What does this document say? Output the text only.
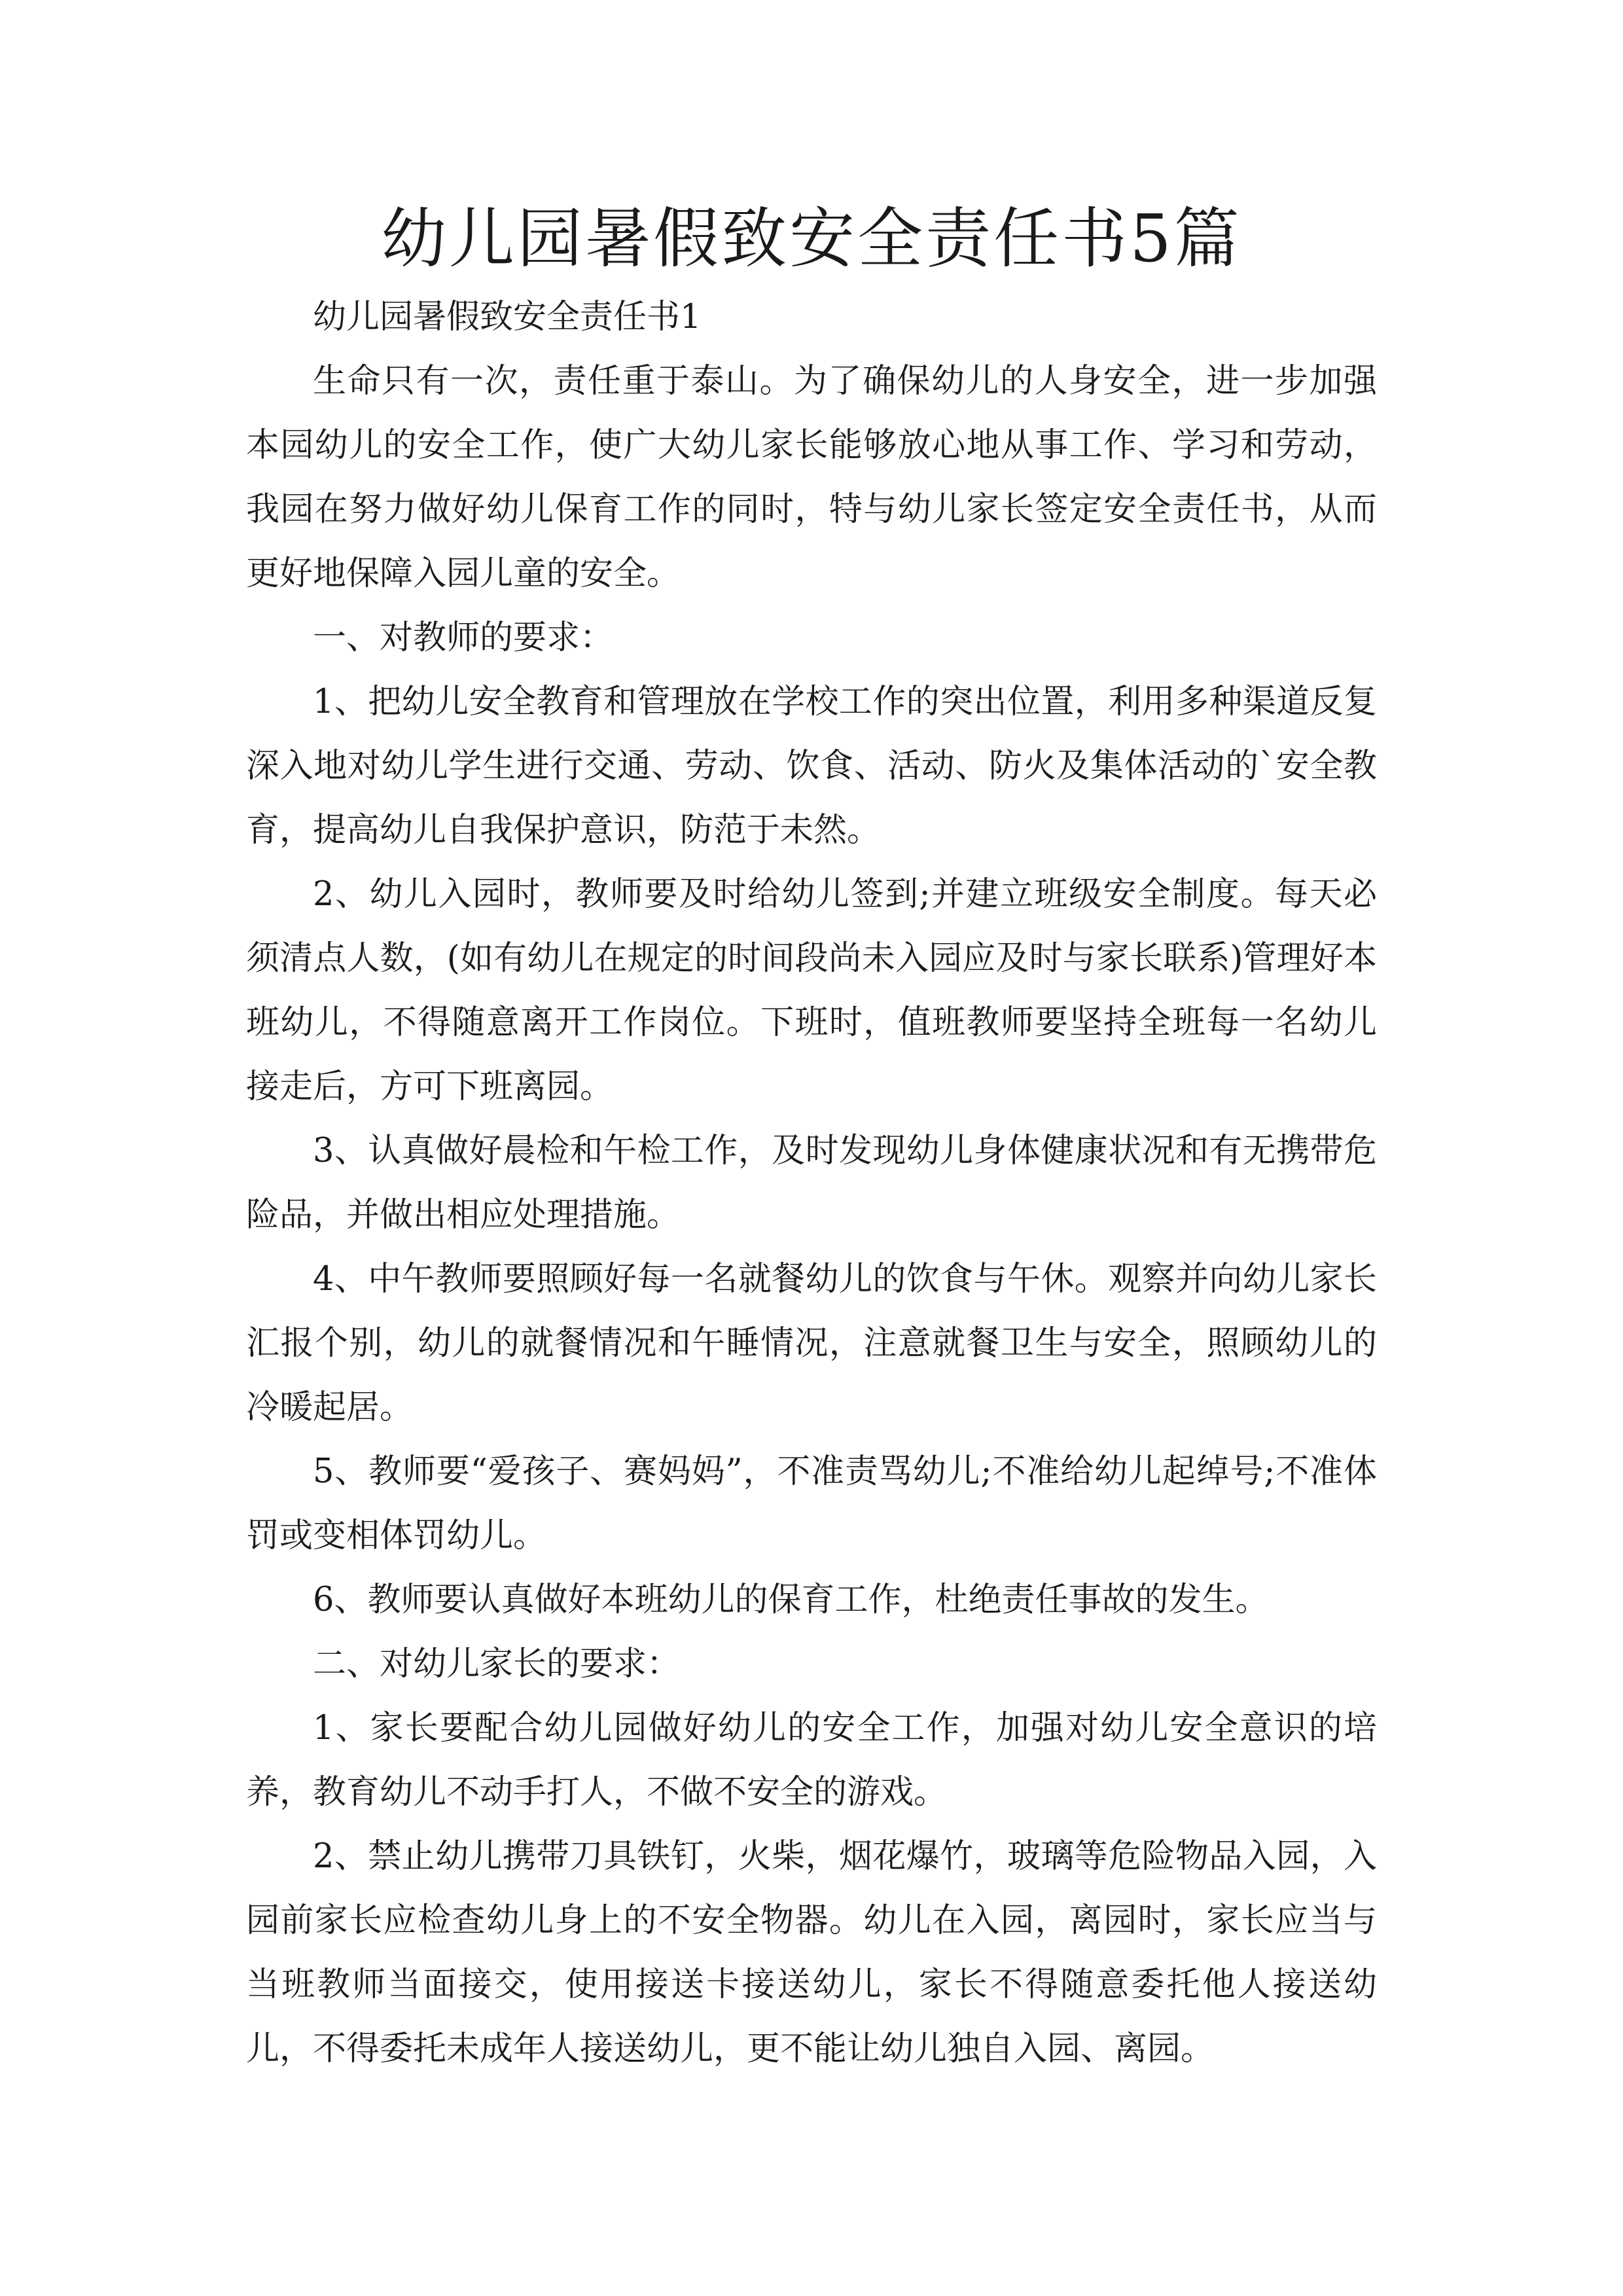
幼儿园暑假致安全责任书5篇

幼儿园暑假致安全责任书1

生命只有一次，责任重于泰山。为了确保幼儿的人身安全，进一步加强本园幼儿的安全工作，使广大幼儿家长能够放心地从事工作、学习和劳动，我园在努力做好幼儿保育工作的同时，特与幼儿家长签定安全责任书，从而更好地保障入园儿童的安全。

一、对教师的要求：

1、把幼儿安全教育和管理放在学校工作的突出位置，利用多种渠道反复深入地对幼儿学生进行交通、劳动、饮食、活动、防火及集体活动的`安全教育，提高幼儿自我保护意识，防范于未然。

2、幼儿入园时，教师要及时给幼儿签到;并建立班级安全制度。每天必须清点人数，(如有幼儿在规定的时间段尚未入园应及时与家长联系)管理好本班幼儿，不得随意离开工作岗位。下班时，值班教师要坚持全班每一名幼儿接走后，方可下班离园。

3、认真做好晨检和午检工作，及时发现幼儿身体健康状况和有无携带危险品，并做出相应处理措施。

4、中午教师要照顾好每一名就餐幼儿的饮食与午休。观察并向幼儿家长汇报个别，幼儿的就餐情况和午睡情况，注意就餐卫生与安全，照顾幼儿的冷暖起居。

5、教师要“爱孩子、赛妈妈”，不准责骂幼儿;不准给幼儿起绰号;不准体罚或变相体罚幼儿。

6、教师要认真做好本班幼儿的保育工作，杜绝责任事故的发生。

二、对幼儿家长的要求：

1、家长要配合幼儿园做好幼儿的安全工作，加强对幼儿安全意识的培养，教育幼儿不动手打人，不做不安全的游戏。

2、禁止幼儿携带刀具铁钉，火柴，烟花爆竹，玻璃等危险物品入园，入园前家长应检查幼儿身上的不安全物器。幼儿在入园，离园时，家长应当与当班教师当面接交，使用接送卡接送幼儿，家长不得随意委托他人接送幼儿，不得委托未成年人接送幼儿，更不能让幼儿独自入园、离园。
